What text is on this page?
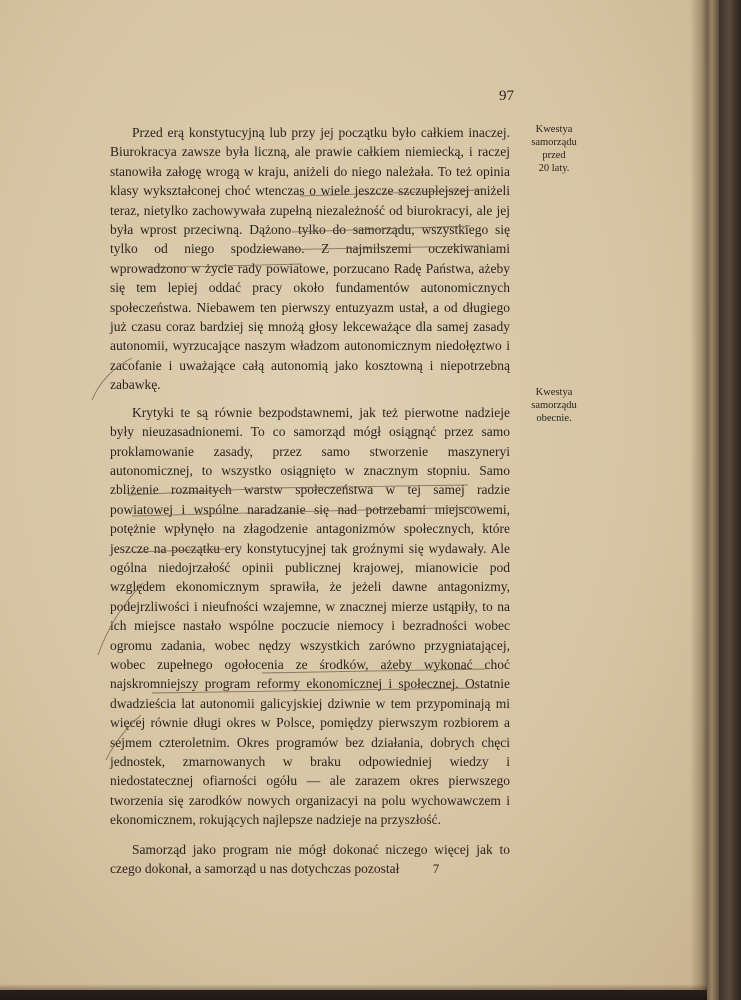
97
Kwestya
samorządu
przed
20 laty.
Kwestya
samorządu
obecnie.

Przed erą konstytucyjną lub przy jej początku było całkiem inaczej. Biurokracya zawsze była liczną, ale prawie całkiem niemiecką, i raczej stanowiła załogę wrogą w kraju, aniżeli do niego należała. To też opinia klasy wykształconej choć wtenczas o wiele jeszcze szczuplejszej aniżeli teraz, nietylko zachowywała zupełną niezależność od biurokracyi, ale jej była wprost przeciwną. Dążono tylko do samorządu, wszystkiego się tylko od niego spodziewano. Z najmilszemi oczekiwaniami wprowadzono w życie rady powiatowe, porzucano Radę Państwa, ażeby się tem lepiej oddać pracy około fundamentów autonomicznych społeczeństwa. Niebawem ten pierwszy entuzyazm ustał, a od długiego już czasu coraz bardziej się mnożą głosy lekceważące dla samej zasady autonomii, wyrzucające naszym władzom autonomicznym niedołęztwo i zacofanie i uważające całą autonomią jako kosztowną i niepotrzebną zabawkę.

Krytyki te są równie bezpodstawnemi, jak też pierwotne nadzieje były nieuzasadnionemi. To co samorząd mógł osiągnąć przez samo proklamowanie zasady, przez samo stworzenie maszyneryi autonomicznej, to wszystko osiągnięto w znacznym stopniu. Samo zbliżenie rozmaitych warstw społeczeństwa w tej samej radzie powiatowej i wspólne naradzanie się nad potrzebami miejscowemi, potężnie wpłynęło na złagodzenie antagonizmów społecznych, które jeszcze na początku ery konstytucyjnej tak groźnymi się wydawały. Ale ogólna niedojrzałość opinii publicznej krajowej, mianowicie pod względem ekonomicznym sprawiła, że jeżeli dawne antagonizmy, podejrzliwości i nieufności wzajemne, w znacznej mierze ustąpiły, to na ich miejsce nastało wspólne poczucie niemocy i bezradności wobec ogromu zadania, wobec nędzy wszystkich zarówno przygniatającej, wobec zupełnego ogołocenia ze środków, ażeby wykonać choć najskromniejszy program reformy ekonomicznej i społecznej. Ostatnie dwadzieścia lat autonomii galicyjskiej dziwnie w tem przypominają mi więcej równie długi okres w Polsce, pomiędzy pierwszym rozbiorem a sejmem czteroletnim. Okres programów bez działania, dobrych chęci jednostek, zmarnowanych w braku odpowiedniej wiedzy i niedostatecznej ofiarności ogółu — ale zarazem okres pierwszego tworzenia się zarodków nowych organizacyi na polu wychowawczem i ekonomicznem, rokujących najlepsze nadzieje na przyszłość.

Samorząd jako program nie mógł dokonać niczego więcej jak to czego dokonał, a samorząd u nas dotychczas pozostał	7
